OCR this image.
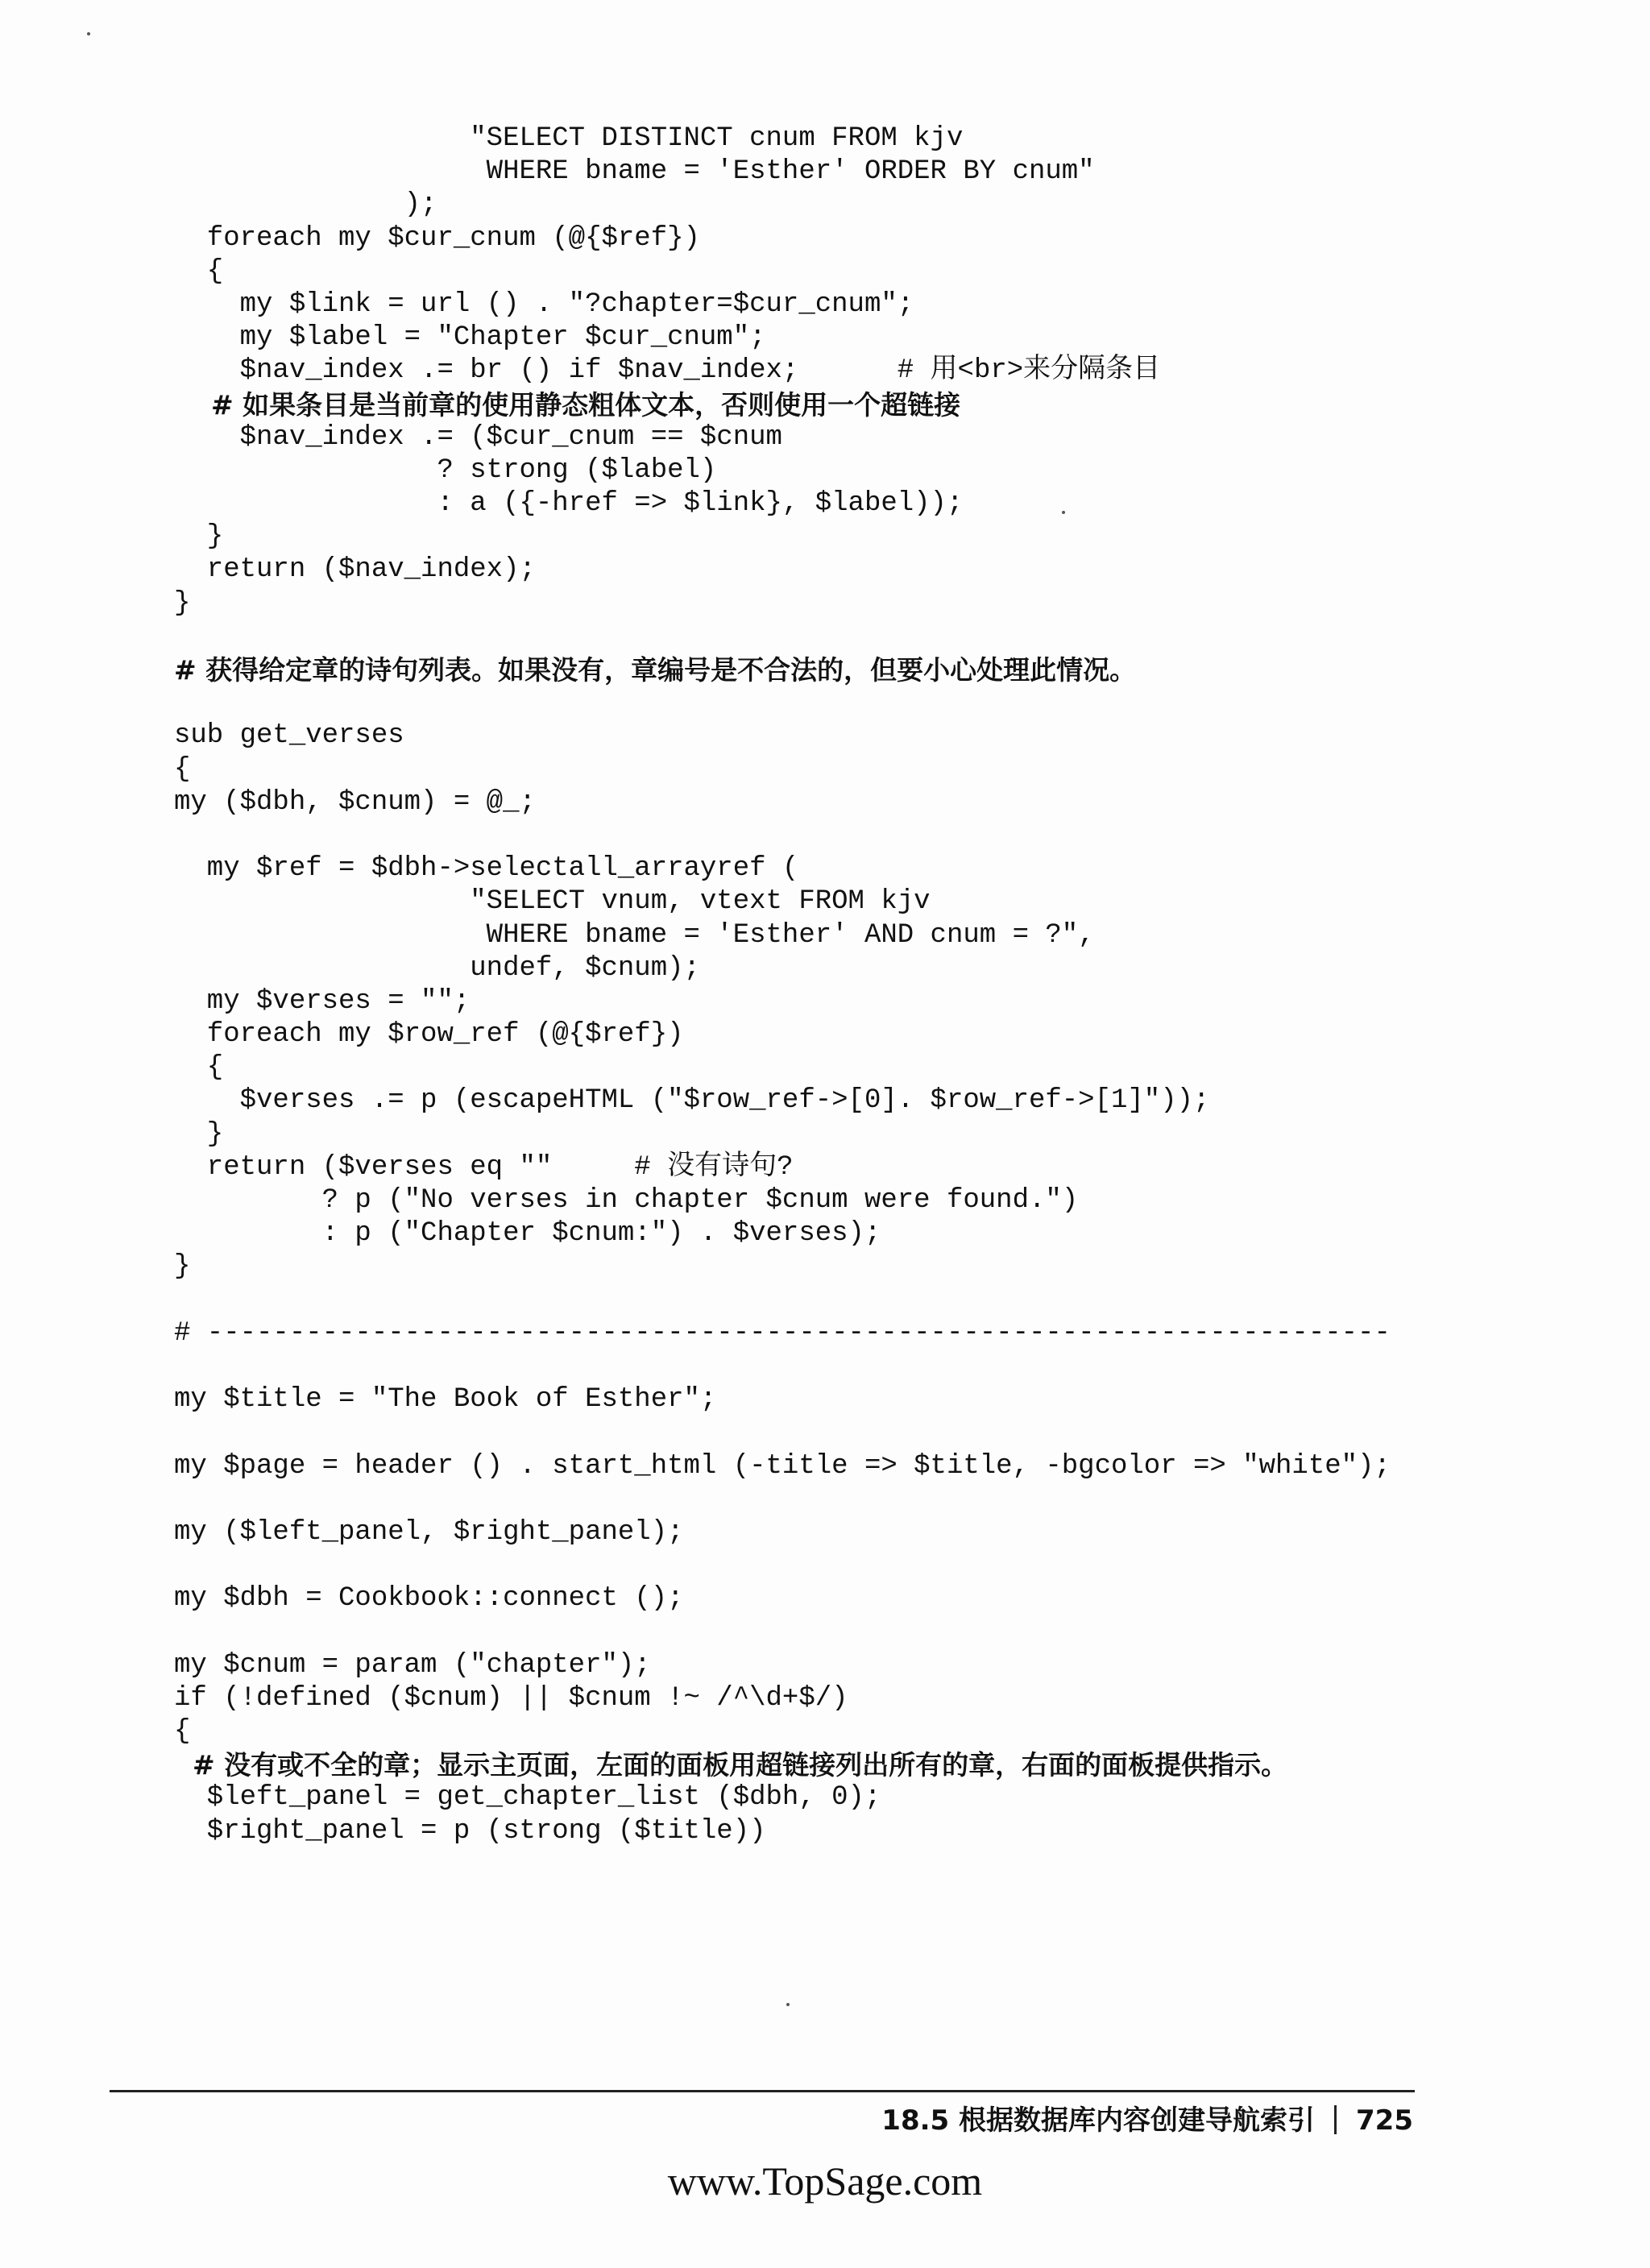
"SELECT DISTINCT cnum FROM kjv
WHERE bname = 'Esther' ORDER BY cnum"
);
foreach my $cur_cnum (@{$ref})
{
my $link = url () . "?chapter=$cur_cnum";
my $label = "Chapter $cur_cnum";
$nav_index .= br () if $nav_index;      # 用<br>来分隔条目
# 如果条目是当前章的使用静态粗体文本，否则使用一个超链接
$nav_index .= ($cur_cnum == $cnum
? strong ($label)
: a ({-href => $link}, $label));
}
return ($nav_index);
}

# 获得给定章的诗句列表。如果没有，章编号是不合法的，但要小心处理此情况。

sub get_verses
{
my ($dbh, $cnum) = @_;

my $ref = $dbh->selectall_arrayref (
"SELECT vnum, vtext FROM kjv
WHERE bname = 'Esther' AND cnum = ?",
undef, $cnum);
my $verses = "";
foreach my $row_ref (@{$ref})
{
$verses .= p (escapeHTML ("$row_ref->[0]. $row_ref->[1]"));
}
return ($verses eq ""     # 没有诗句?
? p ("No verses in chapter $cnum were found.")
: p ("Chapter $cnum:") . $verses);
}

# ------------------------------------------------------------------------

my $title = "The Book of Esther";

my $page = header () . start_html (-title => $title, -bgcolor => "white");

my ($left_panel, $right_panel);

my $dbh = Cookbook::connect ();

my $cnum = param ("chapter");
if (!defined ($cnum) || $cnum !~ /^\d+$/)
{
# 没有或不全的章；显示主页面，左面的面板用超链接列出所有的章，右面的面板提供指示。
$left_panel = get_chapter_list ($dbh, 0);
$right_panel = p (strong ($title))
18.5 根据数据库内容创建导航索引 725
www.TopSage.com
